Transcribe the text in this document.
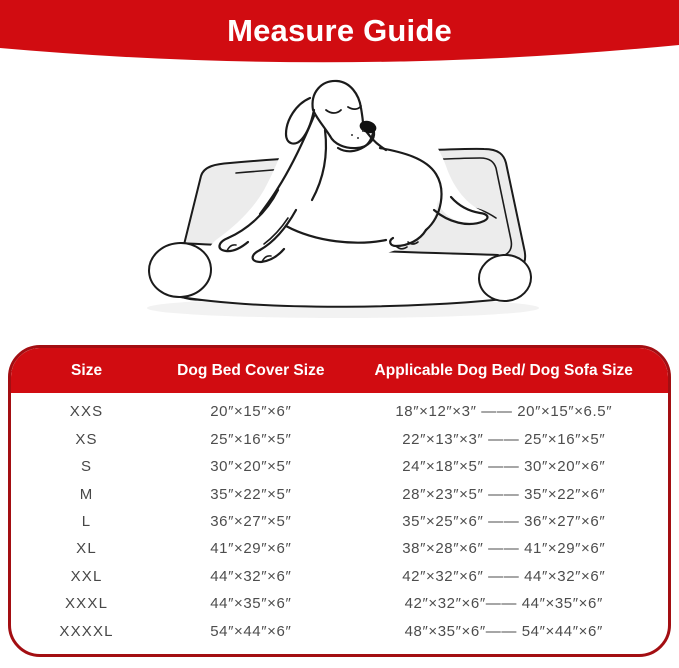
Measure Guide
Size	Dog Bed Cover Size	Applicable Dog Bed/ Dog Sofa Size
XXS	20″×15″×6″	18″×12″×3″ —— 20″×15″×6.5″
XS	25″×16″×5″	22″×13″×3″ —— 25″×16″×5″
S	30″×20″×5″	24″×18″×5″ —— 30″×20″×6″
M	35″×22″×5″	28″×23″×5″ —— 35″×22″×6″
L	36″×27″×5″	35″×25″×6″ —— 36″×27″×6″
XL	41″×29″×6″	38″×28″×6″ —— 41″×29″×6″
XXL	44″×32″×6″	42″×32″×6″ —— 44″×32″×6″
XXXL	44″×35″×6″	42″×32″×6″—— 44″×35″×6″
XXXXL	54″×44″×6″	48″×35″×6″—— 54″×44″×6″
